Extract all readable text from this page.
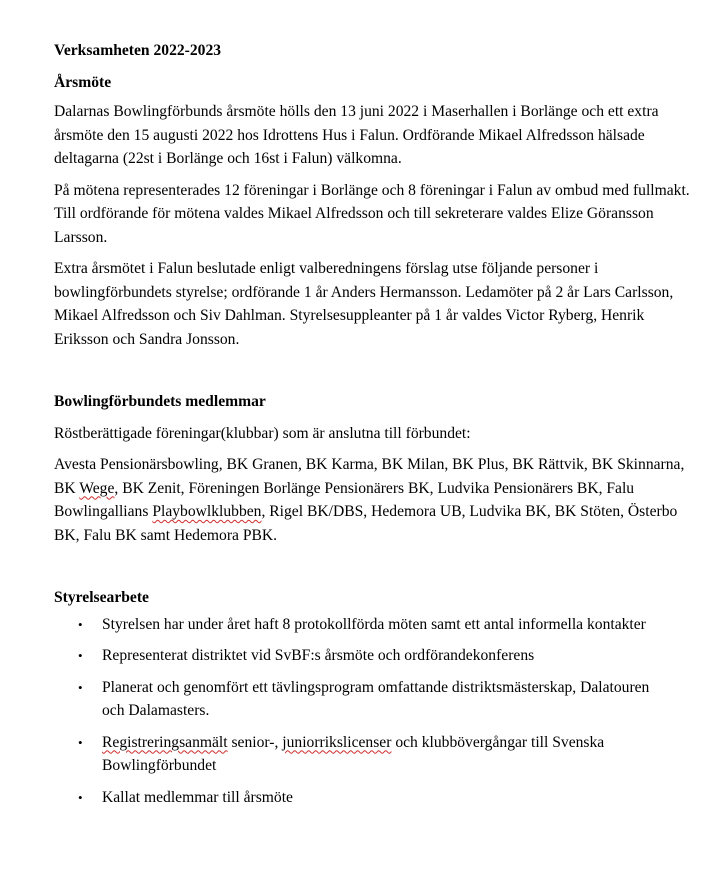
Verksamheten 2022-2023
Årsmöte

Dalarnas Bowlingförbunds årsmöte hölls den 13 juni 2022 i Maserhallen i Borlänge och ett extra årsmöte den 15 augusti 2022 hos Idrottens Hus i Falun. Ordförande Mikael Alfredsson hälsade deltagarna (22st i Borlänge och 16st i Falun) välkomna.

På mötena representerades 12 föreningar i Borlänge och 8 föreningar i Falun av ombud med fullmakt. Till ordförande för mötena valdes Mikael Alfredsson och till sekreterare valdes Elize Göransson Larsson.

Extra årsmötet i Falun beslutade enligt valberedningens förslag utse följande personer i bowlingförbundets styrelse; ordförande 1 år Anders Hermansson. Ledamöter på 2 år Lars Carlsson, Mikael Alfredsson och Siv Dahlman. Styrelsesuppleanter på 1 år valdes Victor Ryberg, Henrik Eriksson och Sandra Jonsson.

Bowlingförbundets medlemmar

Röstberättigade föreningar(klubbar) som är anslutna till förbundet:

Avesta Pensionärsbowling, BK Granen, BK Karma, BK Milan, BK Plus, BK Rättvik, BK Skinnarna, BK Wege, BK Zenit, Föreningen Borlänge Pensionärers BK, Ludvika Pensionärers BK, Falu Bowlingallians Playbowlklubben, Rigel BK/DBS, Hedemora UB, Ludvika BK, BK Stöten, Österbo BK, Falu BK samt Hedemora PBK.

Styrelsearbete
• Styrelsen har under året haft 8 protokollförda möten samt ett antal informella kontakter
• Representerat distriktet vid SvBF:s årsmöte och ordförandekonferens
• Planerat och genomfört ett tävlingsprogram omfattande distriktsmästerskap, Dalatouren och Dalamasters.
• Registreringsanmält senior-, juniorrikslicenser och klubbövergångar till Svenska Bowlingförbundet
• Kallat medlemmar till årsmöte
